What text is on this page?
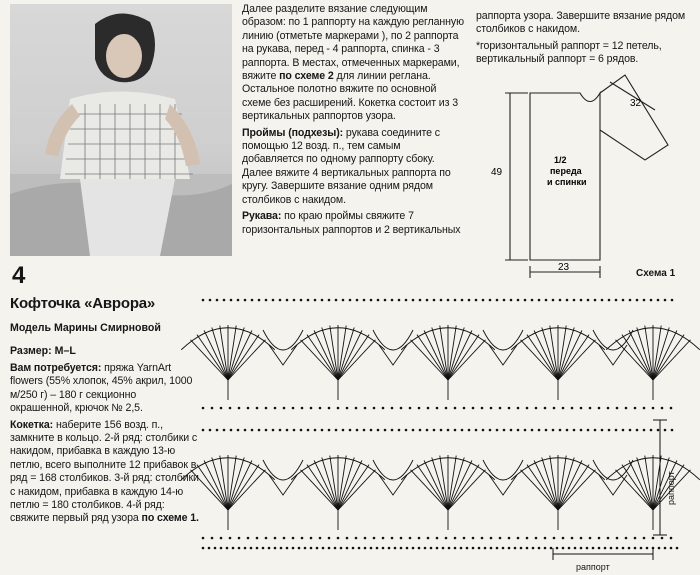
Далее разделите вязание следующим образом: по 1 раппорту на каждую регланную линию (отметьте маркерами ), по 2 раппорта на рукава, перед - 4 раппорта, спинка - 3 раппорта. В местах, отмеченных маркерами, вяжите по схеме 2 для линии реглана. Остальное полотно вяжите по основной схеме без расширений. Кокетка состоит из 3 вертикальных раппортов узора.

Проймы (подхезы): рукава соедините с помощью 12 возд. п., тем самым добавляется по одному раппорту сбоку. Далее вяжите 4 вертикальных раппорта по кругу. Завершите вязание одним рядом столбиков с накидом.

Рукава: по краю проймы свяжите 7 горизонтальных раппортов и 2 вертикальных

раппорта узора. Завершите вязание рядом столбиков с накидом.

*горизонтальный раппорт = 12 петель, вертикальный раппорт = 6 рядов.

49
23
32
1/2
переда
и спинки
4
Кофточка «Аврора»
Модель Марины Смирновой
Размер: M–L

Вам потребуется: пряжа YarnArt flowers (55% хлопок, 45% акрил, 1000 м/250 г) – 180 г секционно окрашенной, крючок № 2,5.

Кокетка: наберите 156 возд. п., замкните в кольцо. 2-й ряд: столбики с накидом, прибавка в каждую 13-ю петлю, всего выполните 12 прибавок в ряд = 168 столбиков. 3-й ряд: столбики с накидом, прибавка в каждую 14-ю петлю = 180 столбиков. 4-й ряд: свяжите первый ряд узора по схеме 1.

Схема 1
раппорт
раппорт
